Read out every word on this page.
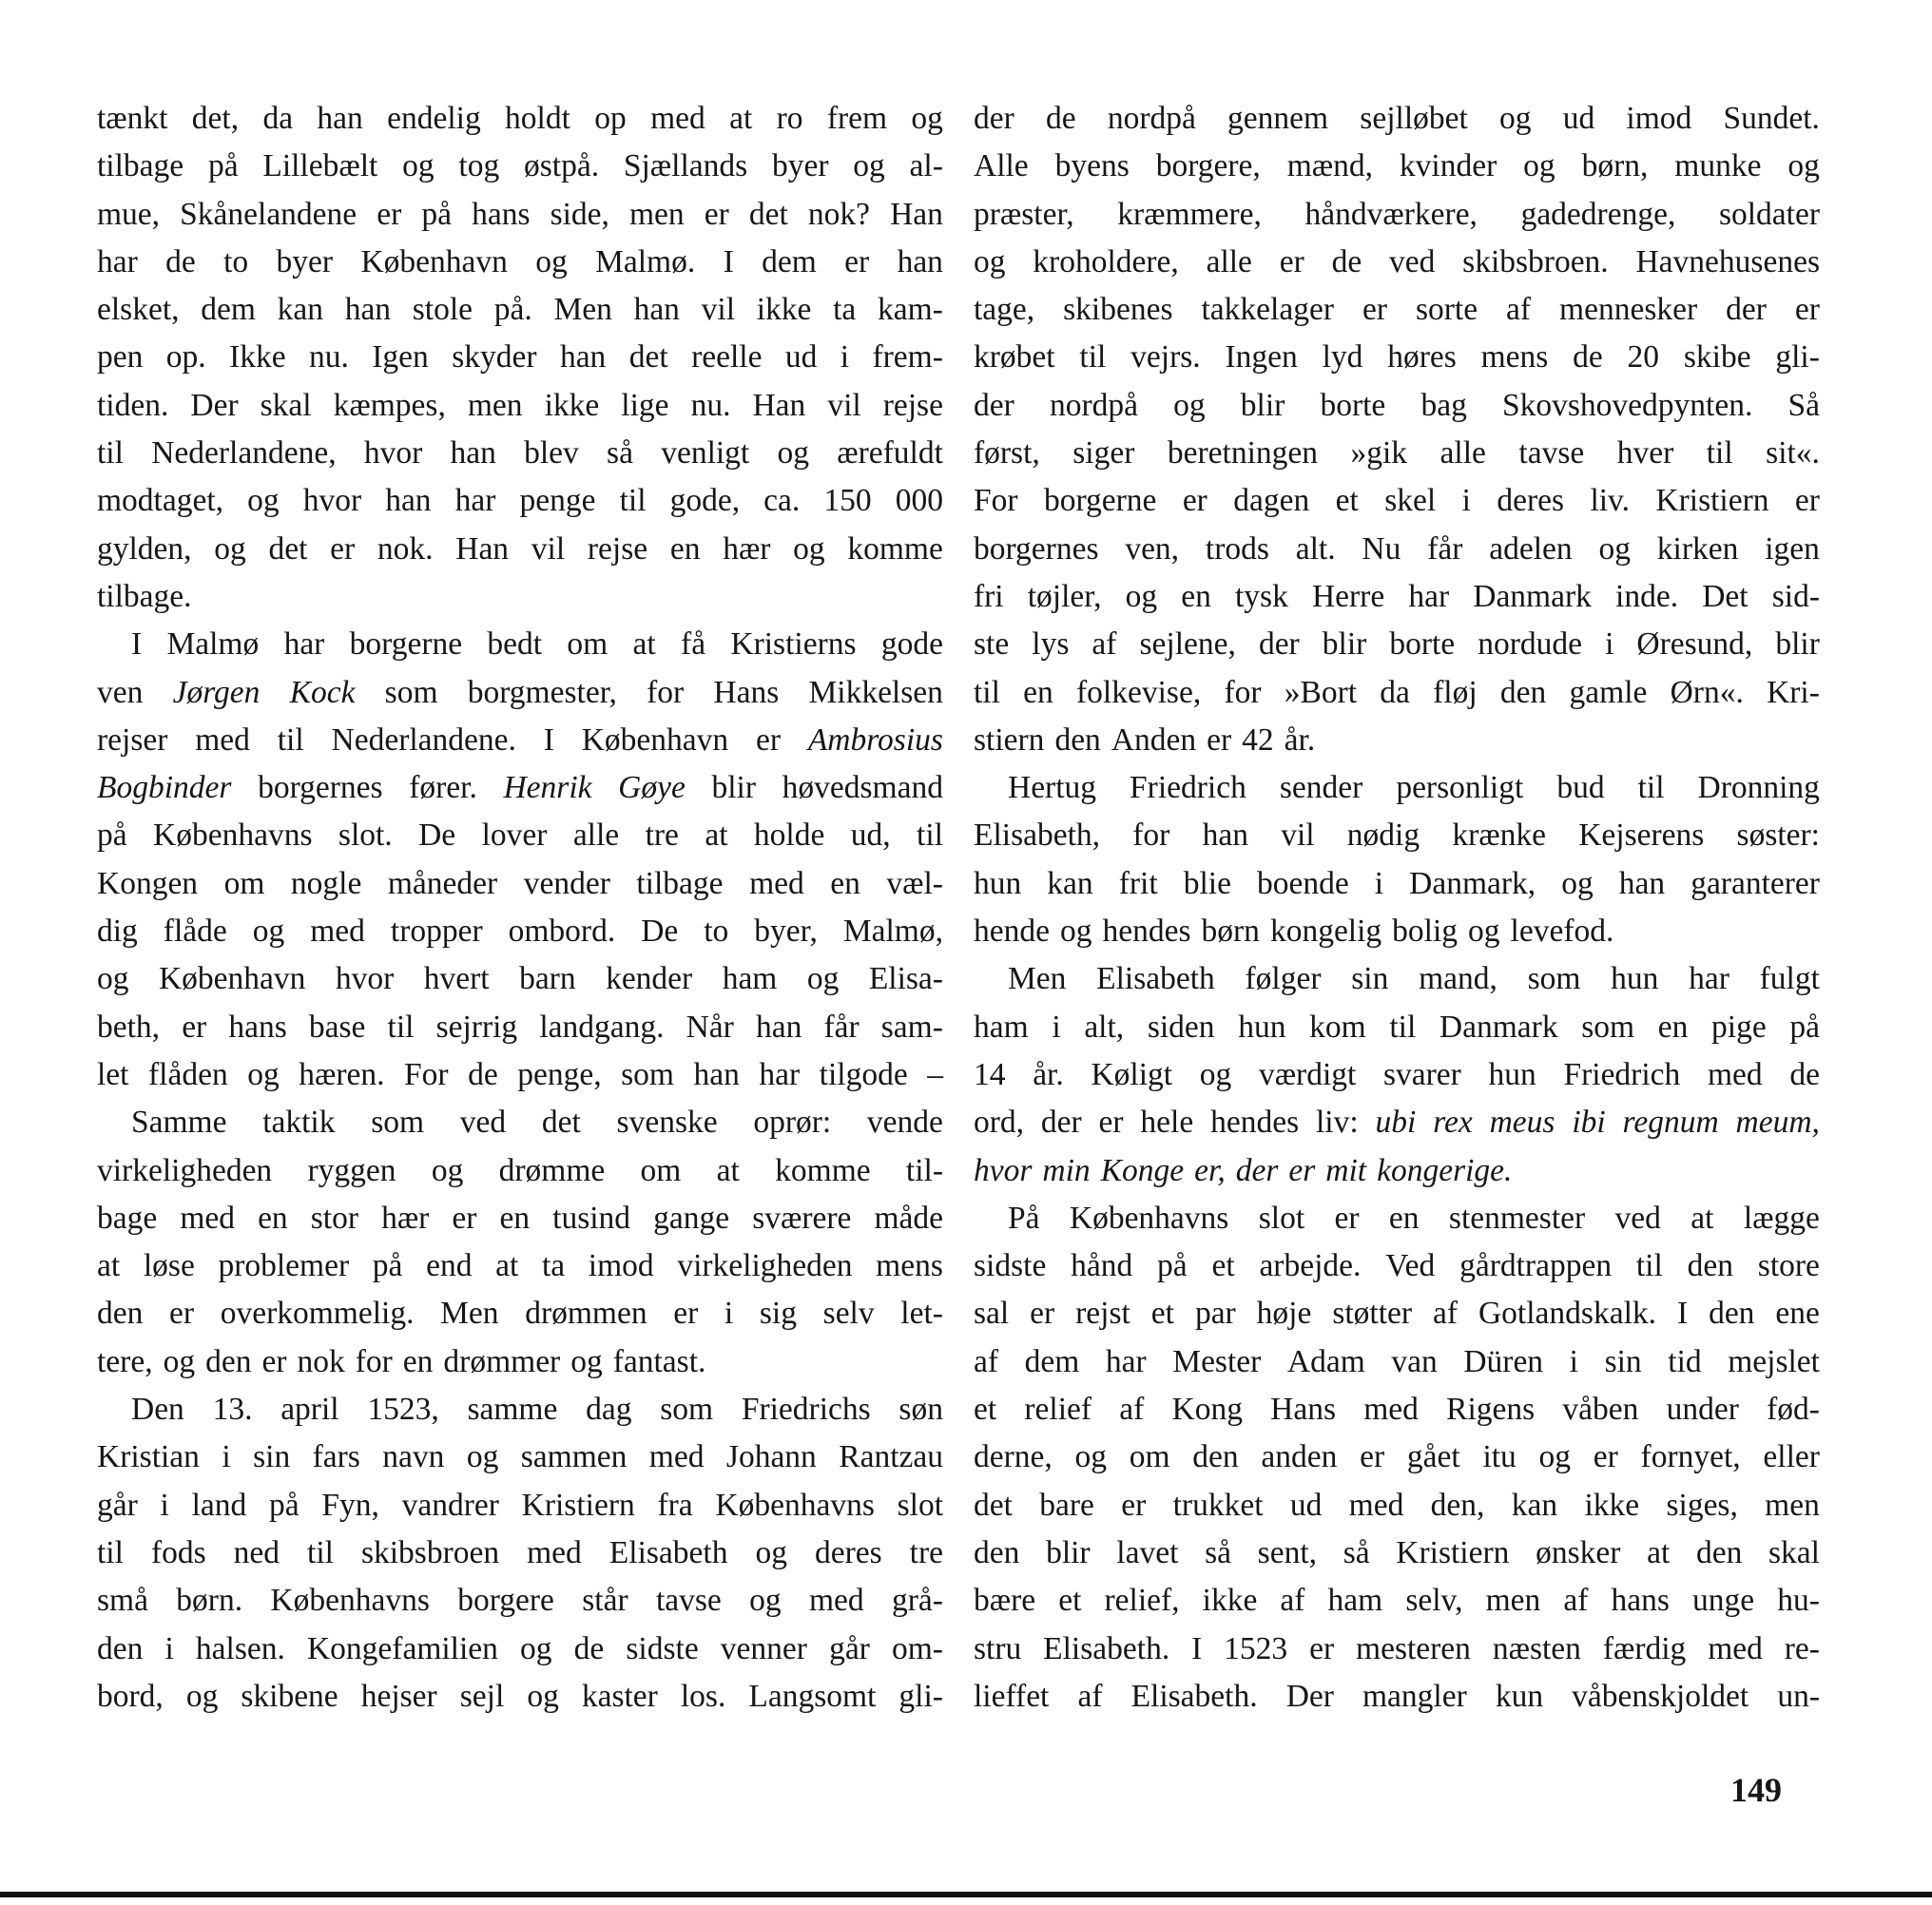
tænkt det, da han endelig holdt op med at ro frem og
tilbage på Lillebælt og tog østpå. Sjællands byer og al-
mue, Skånelandene er på hans side, men er det nok? Han
har de to byer København og Malmø. I dem er han
elsket, dem kan han stole på. Men han vil ikke ta kam-
pen op. Ikke nu. Igen skyder han det reelle ud i frem-
tiden. Der skal kæmpes, men ikke lige nu. Han vil rejse
til Nederlandene, hvor han blev så venligt og ærefuldt
modtaget, og hvor han har penge til gode, ca. 150 000
gylden, og det er nok. Han vil rejse en hær og komme
tilbage.
I Malmø har borgerne bedt om at få Kristierns gode
ven Jørgen Kock som borgmester, for Hans Mikkelsen
rejser med til Nederlandene. I København er Ambrosius
Bogbinder borgernes fører. Henrik Gøye blir høvedsmand
på Københavns slot. De lover alle tre at holde ud, til
Kongen om nogle måneder vender tilbage med en væl-
dig flåde og med tropper ombord. De to byer, Malmø,
og København hvor hvert barn kender ham og Elisa-
beth, er hans base til sejrrig landgang. Når han får sam-
let flåden og hæren. For de penge, som han har tilgode –
Samme taktik som ved det svenske oprør: vende
virkeligheden ryggen og drømme om at komme til-
bage med en stor hær er en tusind gange sværere måde
at løse problemer på end at ta imod virkeligheden mens
den er overkommelig. Men drømmen er i sig selv let-
tere, og den er nok for en drømmer og fantast.
Den 13. april 1523, samme dag som Friedrichs søn
Kristian i sin fars navn og sammen med Johann Rantzau
går i land på Fyn, vandrer Kristiern fra Københavns slot
til fods ned til skibsbroen med Elisabeth og deres tre
små børn. Københavns borgere står tavse og med grå-
den i halsen. Kongefamilien og de sidste venner går om-
bord, og skibene hejser sejl og kaster los. Langsomt gli-
der de nordpå gennem sejlløbet og ud imod Sundet.
Alle byens borgere, mænd, kvinder og børn, munke og
præster, kræmmere, håndværkere, gadedrenge, soldater
og kroholdere, alle er de ved skibsbroen. Havnehusenes
tage, skibenes takkelager er sorte af mennesker der er
krøbet til vejrs. Ingen lyd høres mens de 20 skibe gli-
der nordpå og blir borte bag Skovshovedpynten. Så
først, siger beretningen »gik alle tavse hver til sit«.
For borgerne er dagen et skel i deres liv. Kristiern er
borgernes ven, trods alt. Nu får adelen og kirken igen
fri tøjler, og en tysk Herre har Danmark inde. Det sid-
ste lys af sejlene, der blir borte nordude i Øresund, blir
til en folkevise, for »Bort da fløj den gamle Ørn«. Kri-
stiern den Anden er 42 år.
Hertug Friedrich sender personligt bud til Dronning
Elisabeth, for han vil nødig krænke Kejserens søster:
hun kan frit blie boende i Danmark, og han garanterer
hende og hendes børn kongelig bolig og levefod.
Men Elisabeth følger sin mand, som hun har fulgt
ham i alt, siden hun kom til Danmark som en pige på
14 år. Køligt og værdigt svarer hun Friedrich med de
ord, der er hele hendes liv: ubi rex meus ibi regnum meum,
hvor min Konge er, der er mit kongerige.
På Københavns slot er en stenmester ved at lægge
sidste hånd på et arbejde. Ved gårdtrappen til den store
sal er rejst et par høje støtter af Gotlandskalk. I den ene
af dem har Mester Adam van Düren i sin tid mejslet
et relief af Kong Hans med Rigens våben under fød-
derne, og om den anden er gået itu og er fornyet, eller
det bare er trukket ud med den, kan ikke siges, men
den blir lavet så sent, så Kristiern ønsker at den skal
bære et relief, ikke af ham selv, men af hans unge hu-
stru Elisabeth. I 1523 er mesteren næsten færdig med re-
lieffet af Elisabeth. Der mangler kun våbenskjoldet un-
149
